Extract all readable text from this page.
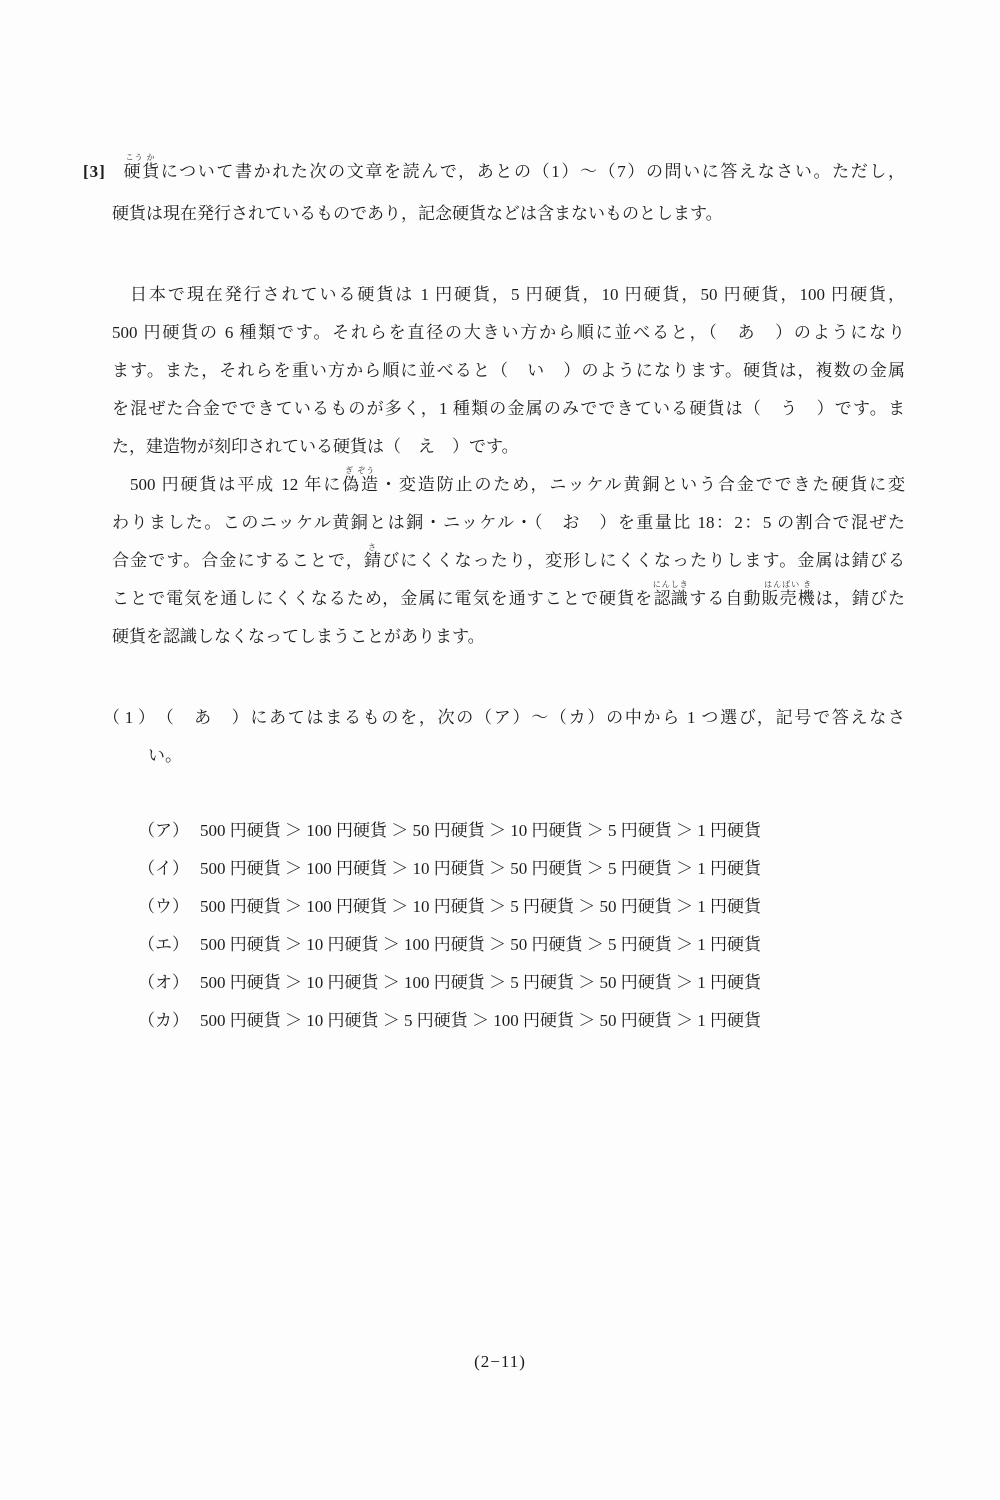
[3] 硬貨こう かについて書かれた次の文章を読んで，あとの（1）～（7）の問いに答えなさい。ただし，
硬貨は現在発行されているものであり，記念硬貨などは含まないものとします。
日本で現在発行されている硬貨は 1 円硬貨，5 円硬貨，10 円硬貨，50 円硬貨，100 円硬貨，
500 円硬貨の 6 種類です。それらを直径の大きい方から順に並べると，（　あ　）のようになり
ます。また，それらを重い方から順に並べると（　い　）のようになります。硬貨は，複数の金属
を混ぜた合金でできているものが多く，1 種類の金属のみでできている硬貨は（　う　）です。ま
た，建造物が刻印されている硬貨は（　え　）です。
500 円硬貨は平成 12 年に偽造ぎ ぞう・変造防止のため，ニッケル黄銅という合金でできた硬貨に変
わりました。このニッケル黄銅とは銅・ニッケル・（　お　）を重量比 18：2：5 の割合で混ぜた
合金です。合金にすることで，錆さびにくくなったり，変形しにくくなったりします。金属は錆びる
ことで電気を通しにくくなるため，金属に電気を通すことで硬貨を認識にんしきする自動販売機はんばい きは，錆びた
硬貨を認識しなくなってしまうことがあります。
（1）（　あ　）にあてはまるものを，次の（ア）～（カ）の中から 1 つ選び，記号で答えなさ
い。
（ア） 500 円硬貨 ＞ 100 円硬貨 ＞ 50 円硬貨 ＞ 10 円硬貨 ＞ 5 円硬貨 ＞ 1 円硬貨
（イ） 500 円硬貨 ＞ 100 円硬貨 ＞ 10 円硬貨 ＞ 50 円硬貨 ＞ 5 円硬貨 ＞ 1 円硬貨
（ウ） 500 円硬貨 ＞ 100 円硬貨 ＞ 10 円硬貨 ＞ 5 円硬貨 ＞ 50 円硬貨 ＞ 1 円硬貨
（エ） 500 円硬貨 ＞ 10 円硬貨 ＞ 100 円硬貨 ＞ 50 円硬貨 ＞ 5 円硬貨 ＞ 1 円硬貨
（オ） 500 円硬貨 ＞ 10 円硬貨 ＞ 100 円硬貨 ＞ 5 円硬貨 ＞ 50 円硬貨 ＞ 1 円硬貨
（カ） 500 円硬貨 ＞ 10 円硬貨 ＞ 5 円硬貨 ＞ 100 円硬貨 ＞ 50 円硬貨 ＞ 1 円硬貨
(2−11)
